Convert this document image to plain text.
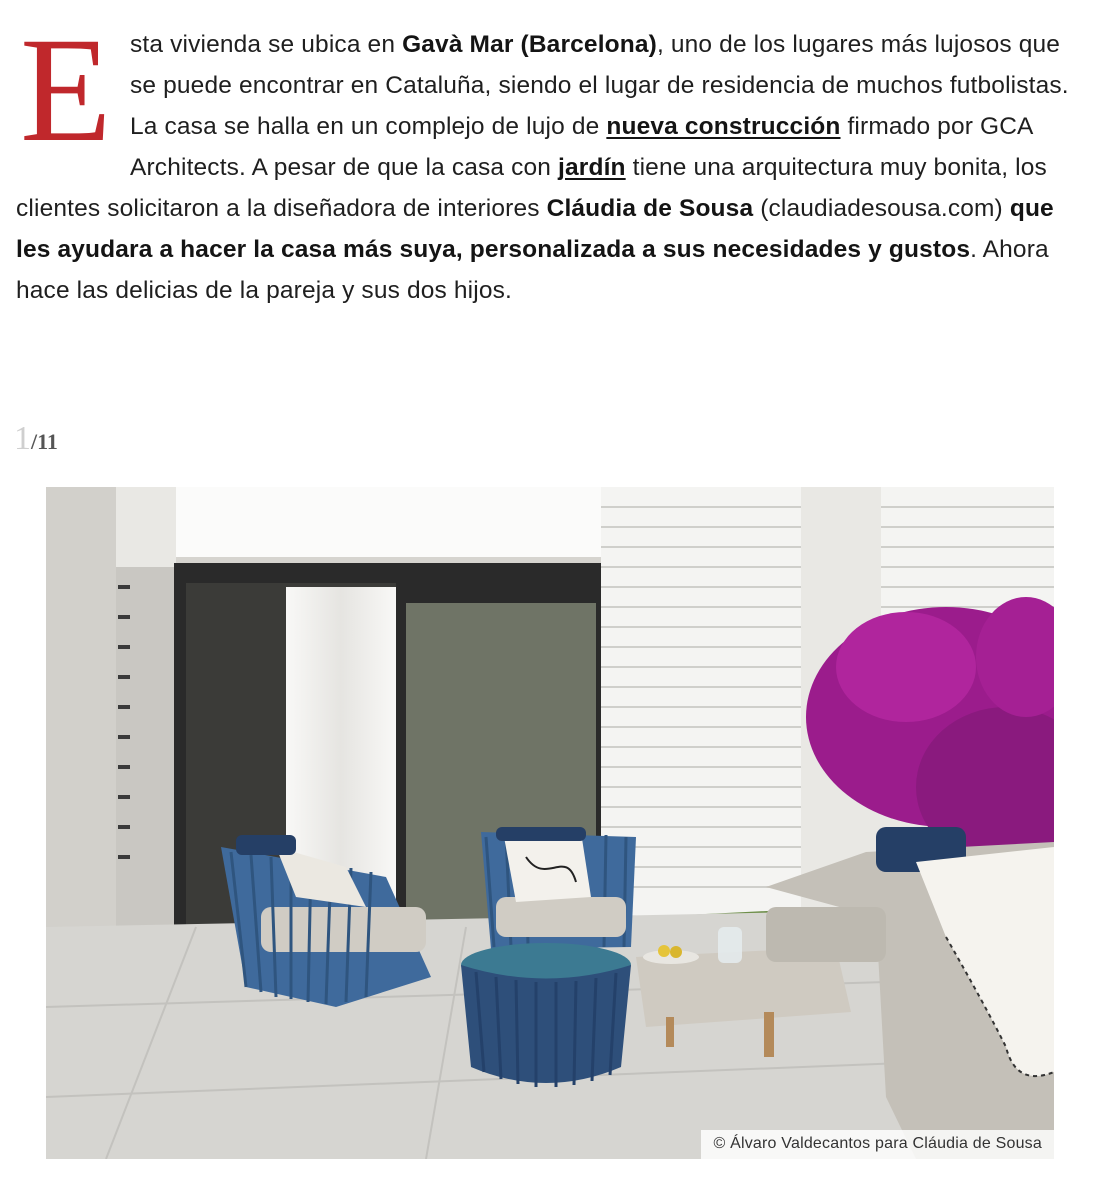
E sta vivienda se ubica en Gavà Mar (Barcelona), uno de los lugares más lujosos que se puede encontrar en Cataluña, siendo el lugar de residencia de muchos futbolistas. La casa se halla en un complejo de lujo de nueva construcción firmado por GCA Architects. A pesar de que la casa con jardín tiene una arquitectura muy bonita, los clientes solicitaron a la diseñadora de interiores Cláudia de Sousa (claudiadesousa.com) que les ayudara a hacer la casa más suya, personalizada a sus necesidades y gustos. Ahora hace las delicias de la pareja y sus dos hijos.

1/11
© Álvaro Valdecantos para Cláudia de Sousa
